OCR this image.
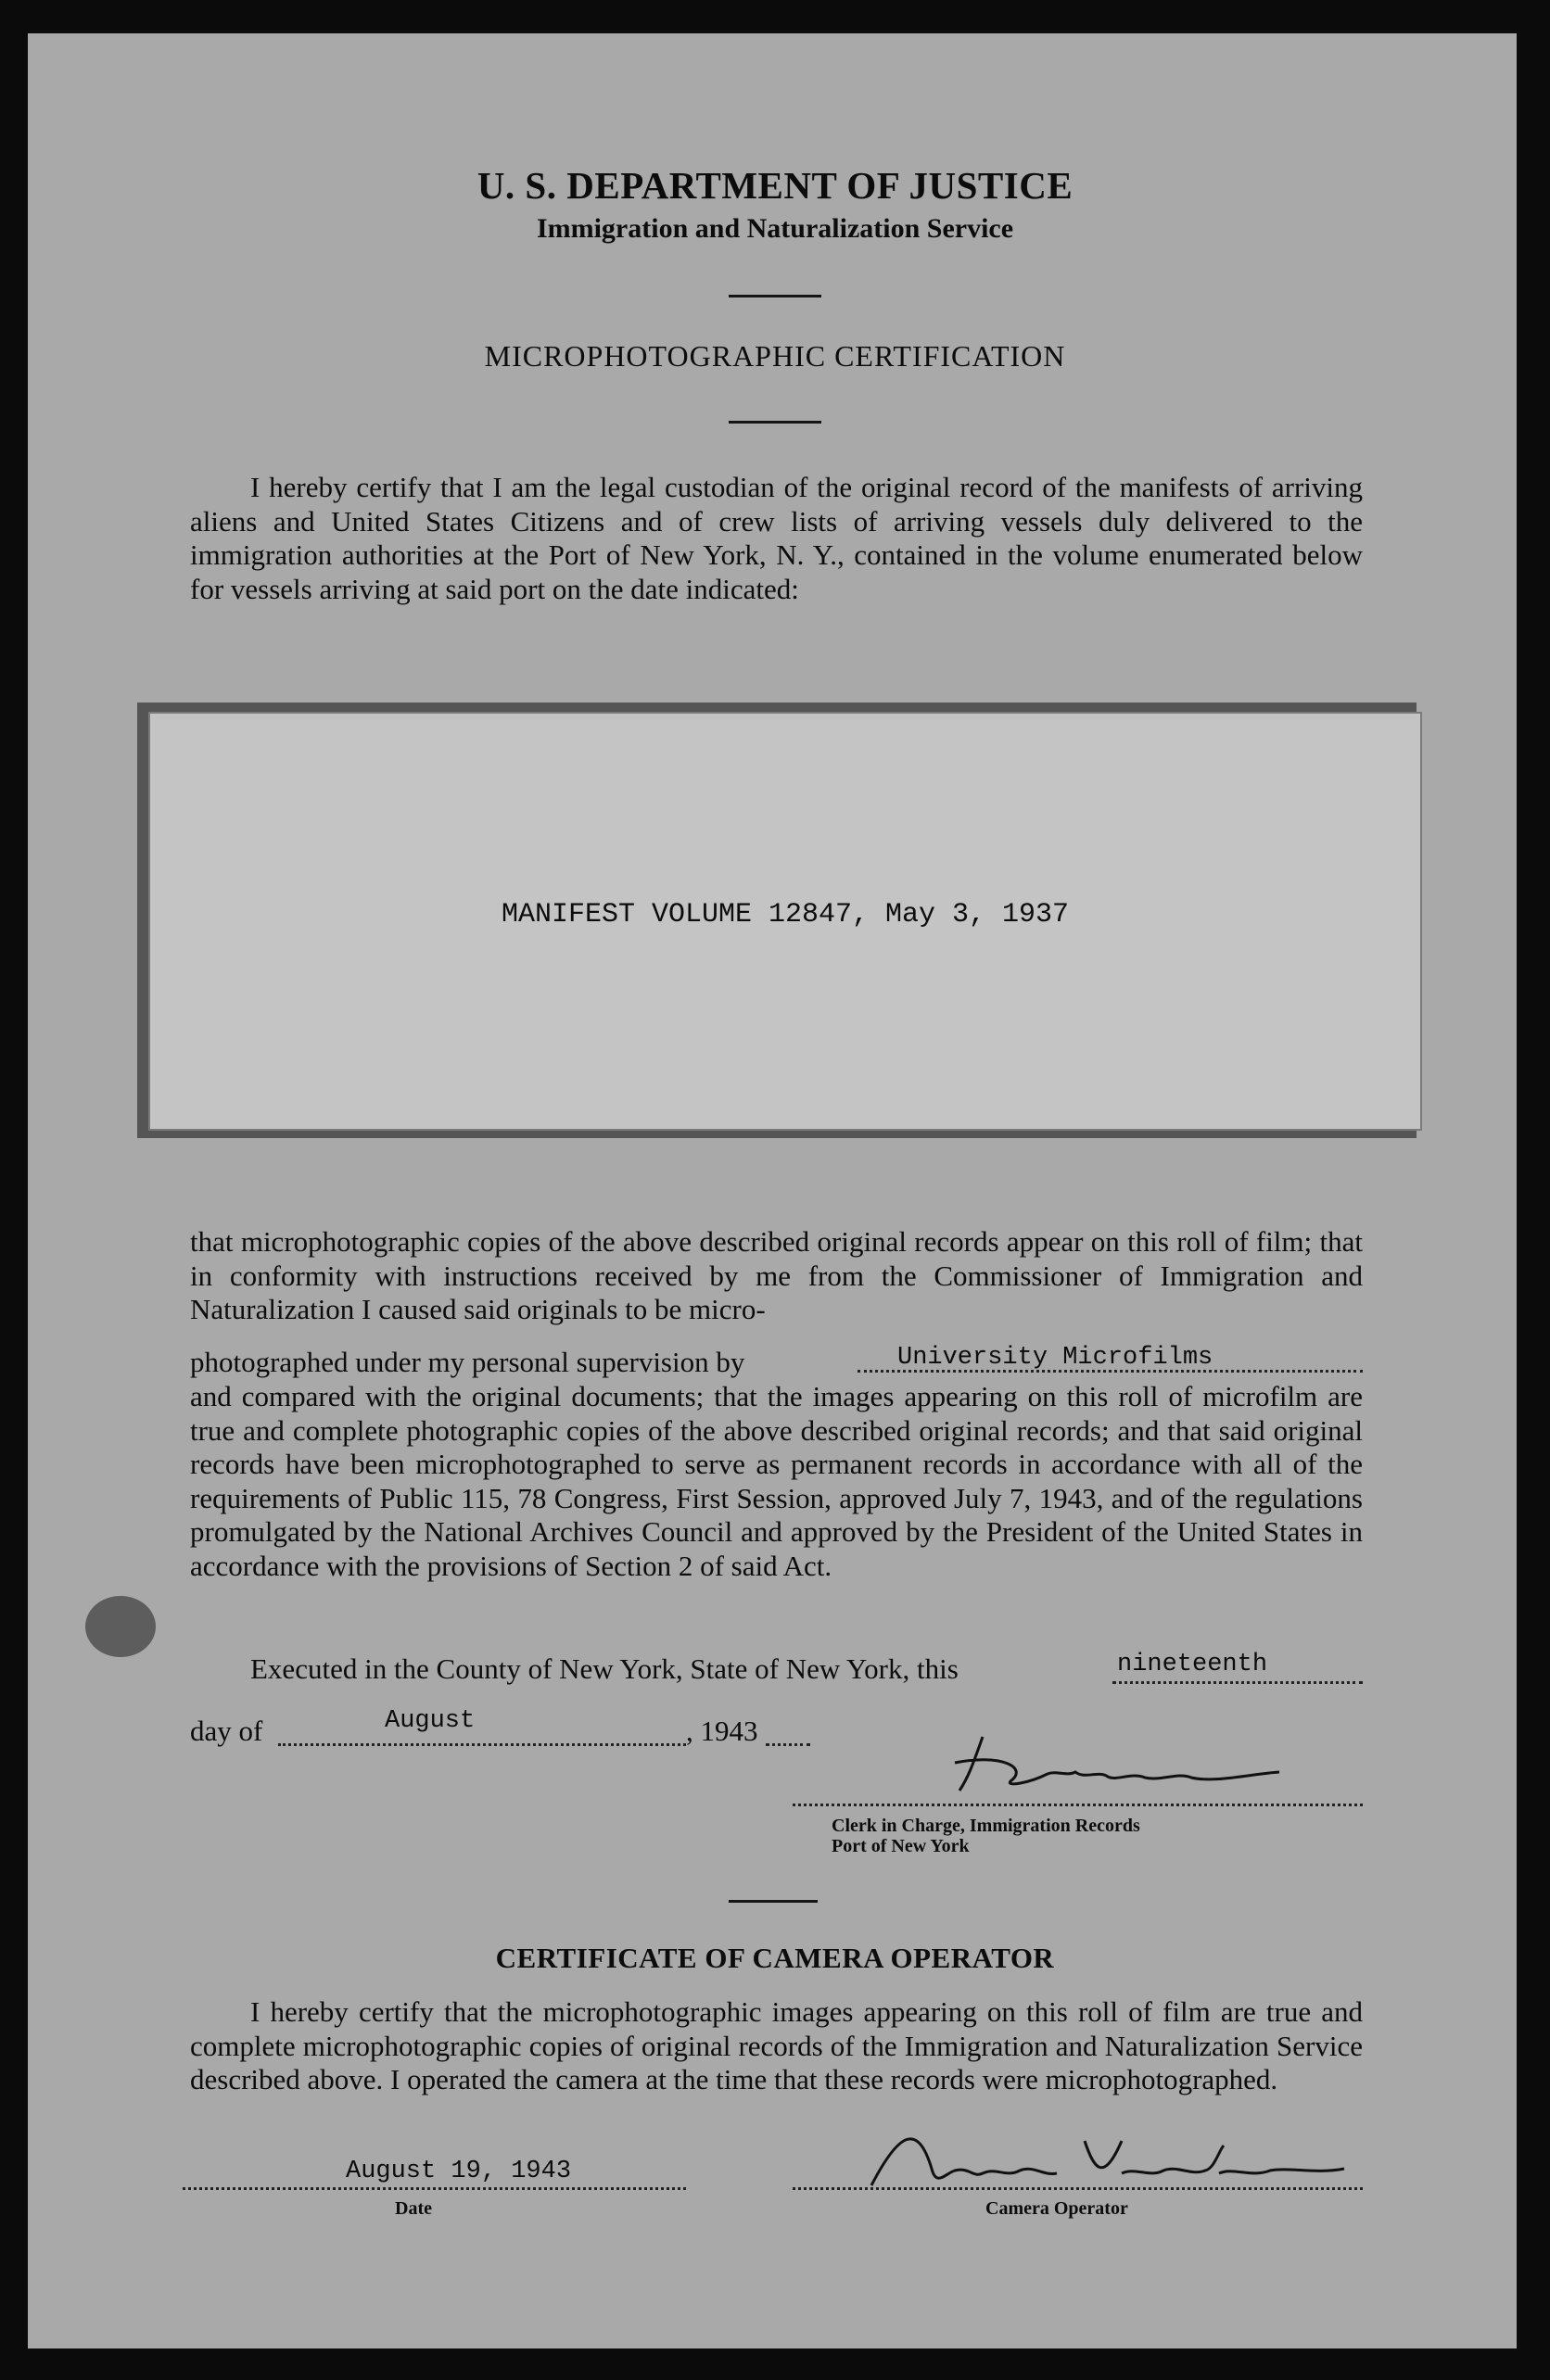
U. S. DEPARTMENT OF JUSTICE
Immigration and Naturalization Service
MICROPHOTOGRAPHIC CERTIFICATION
I hereby certify that I am the legal custodian of the original record of the manifests of arriving aliens and United States Citizens and of crew lists of arriving vessels duly delivered to the immigration authorities at the Port of New York, N. Y., contained in the volume enumerated below for vessels arriving at said port on the date indicated:
MANIFEST VOLUME 12847, May 3, 1937
that microphotographic copies of the above described original records appear on this roll of film; that in conformity with instructions received by me from the Commissioner of Immigration and Naturalization I caused said originals to be micro-
photographed under my personal supervision by	University Microfilms
and compared with the original documents; that the images appearing on this roll of microfilm are true and complete photographic copies of the above described original records; and that said original records have been microphotographed to serve as permanent records in accordance with all of the requirements of Public 115, 78 Congress, First Session, approved July 7, 1943, and of the regulations promulgated by the National Archives Council and approved by the President of the United States in accordance with the provisions of Section 2 of said Act.
Executed in the County of New York, State of New York, this	nineteenth
day of	August	, 1943
Clerk in Charge, Immigration Records
Port of New York
CERTIFICATE OF CAMERA OPERATOR
I hereby certify that the microphotographic images appearing on this roll of film are true and complete microphotographic copies of original records of the Immigration and Naturalization Service described above. I operated the camera at the time that these records were microphotographed.
August 19, 1943
Date	Camera Operator
